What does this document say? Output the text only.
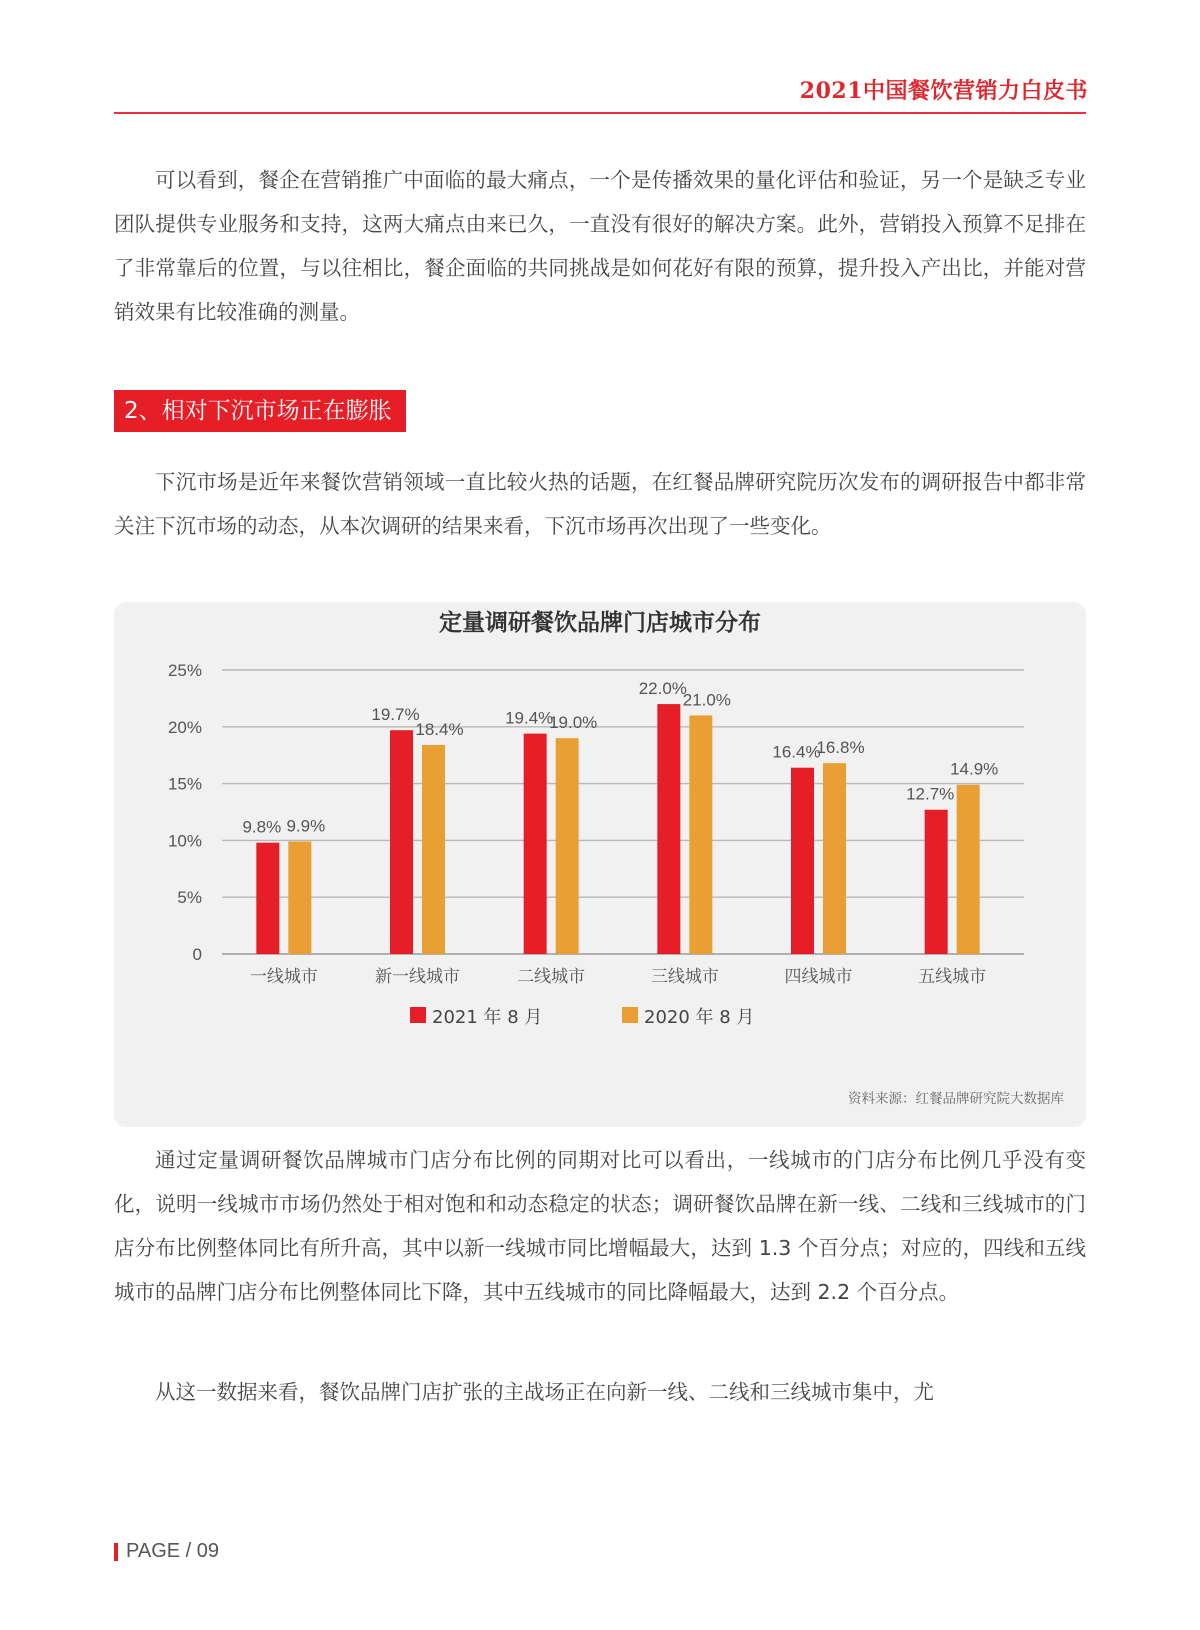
2021中国餐饮营销力白皮书

可以看到，餐企在营销推广中面临的最大痛点，一个是传播效果的量化评估和验证，另一个是缺乏专业团队提供专业服务和支持，这两大痛点由来已久，一直没有很好的解决方案。此外，营销投入预算不足排在了非常靠后的位置，与以往相比，餐企面临的共同挑战是如何花好有限的预算，提升投入产出比，并能对营销效果有比较准确的测量。

2、相对下沉市场正在膨胀

下沉市场是近年来餐饮营销领域一直比较火热的话题，在红餐品牌研究院历次发布的调研报告中都非常关注下沉市场的动态，从本次调研的结果来看，下沉市场再次出现了一些变化。

定量调研餐饮品牌门店城市分布
0
5%
10%
15%
20%
25%
9.8% 9.9%
一线城市
19.7%
18.4%
新一线城市
19.4%
19.0%
二线城市
22.0%
21.0%
三线城市
16.4%
16.8%
四线城市
12.7%
14.9%
五线城市
2021 年 8 月	2020 年 8 月
资料来源：红餐品牌研究院大数据库

通过定量调研餐饮品牌城市门店分布比例的同期对比可以看出，一线城市的门店分布比例几乎没有变化，说明一线城市市场仍然处于相对饱和和动态稳定的状态；调研餐饮品牌在新一线、二线和三线城市的门店分布比例整体同比有所升高，其中以新一线城市同比增幅最大，达到 1.3 个百分点；对应的，四线和五线城市的品牌门店分布比例整体同比下降，其中五线城市的同比降幅最大，达到 2.2 个百分点。

从这一数据来看，餐饮品牌门店扩张的主战场正在向新一线、二线和三线城市集中，尤

PAGE / 09
